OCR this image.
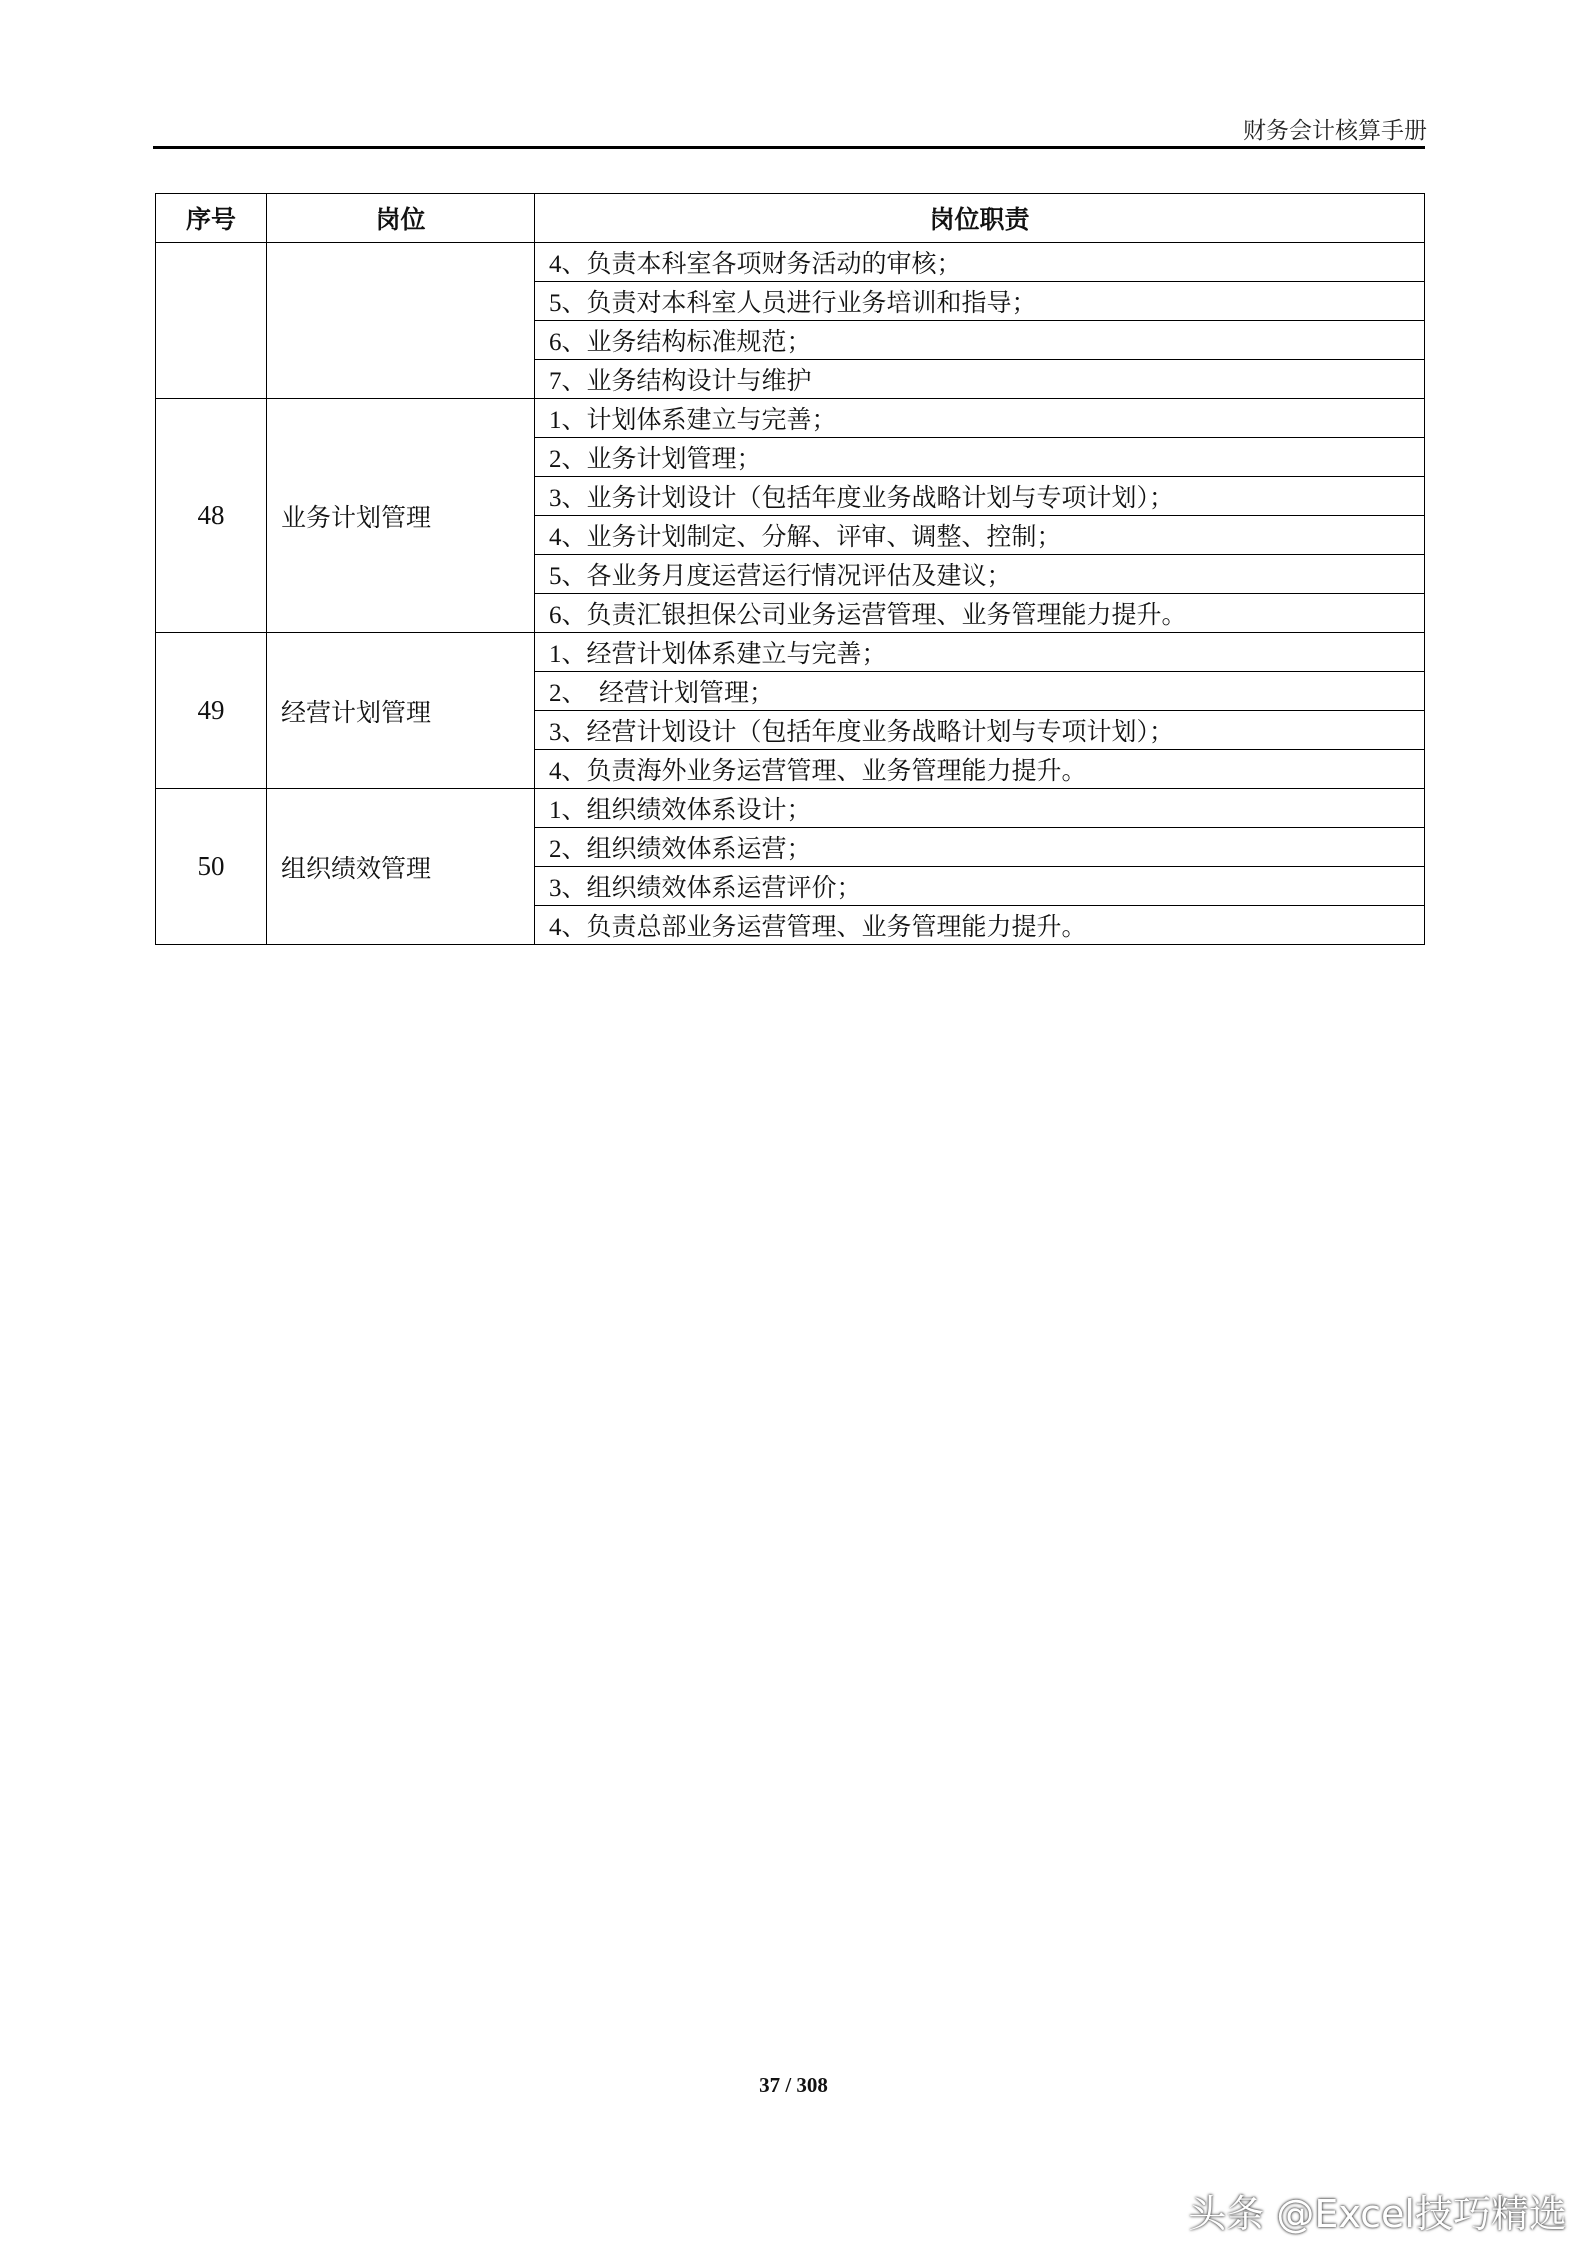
财务会计核算手册
序号	岗位	岗位职责
		4、负责本科室各项财务活动的审核；
		5、负责对本科室人员进行业务培训和指导；
		6、业务结构标准规范；
		7、业务结构设计与维护
48	业务计划管理	1、计划体系建立与完善；
		2、业务计划管理；
		3、业务计划设计（包括年度业务战略计划与专项计划）；
		4、业务计划制定、分解、评审、调整、控制；
		5、各业务月度运营运行情况评估及建议；
		6、负责汇银担保公司业务运营管理、业务管理能力提升。
49	经营计划管理	1、经营计划体系建立与完善；
		2、  经营计划管理；
		3、经营计划设计（包括年度业务战略计划与专项计划）；
		4、负责海外业务运营管理、业务管理能力提升。
50	组织绩效管理	1、组织绩效体系设计；
		2、组织绩效体系运营；
		3、组织绩效体系运营评价；
		4、负责总部业务运营管理、业务管理能力提升。
37 / 308
头条 @Excel技巧精选
